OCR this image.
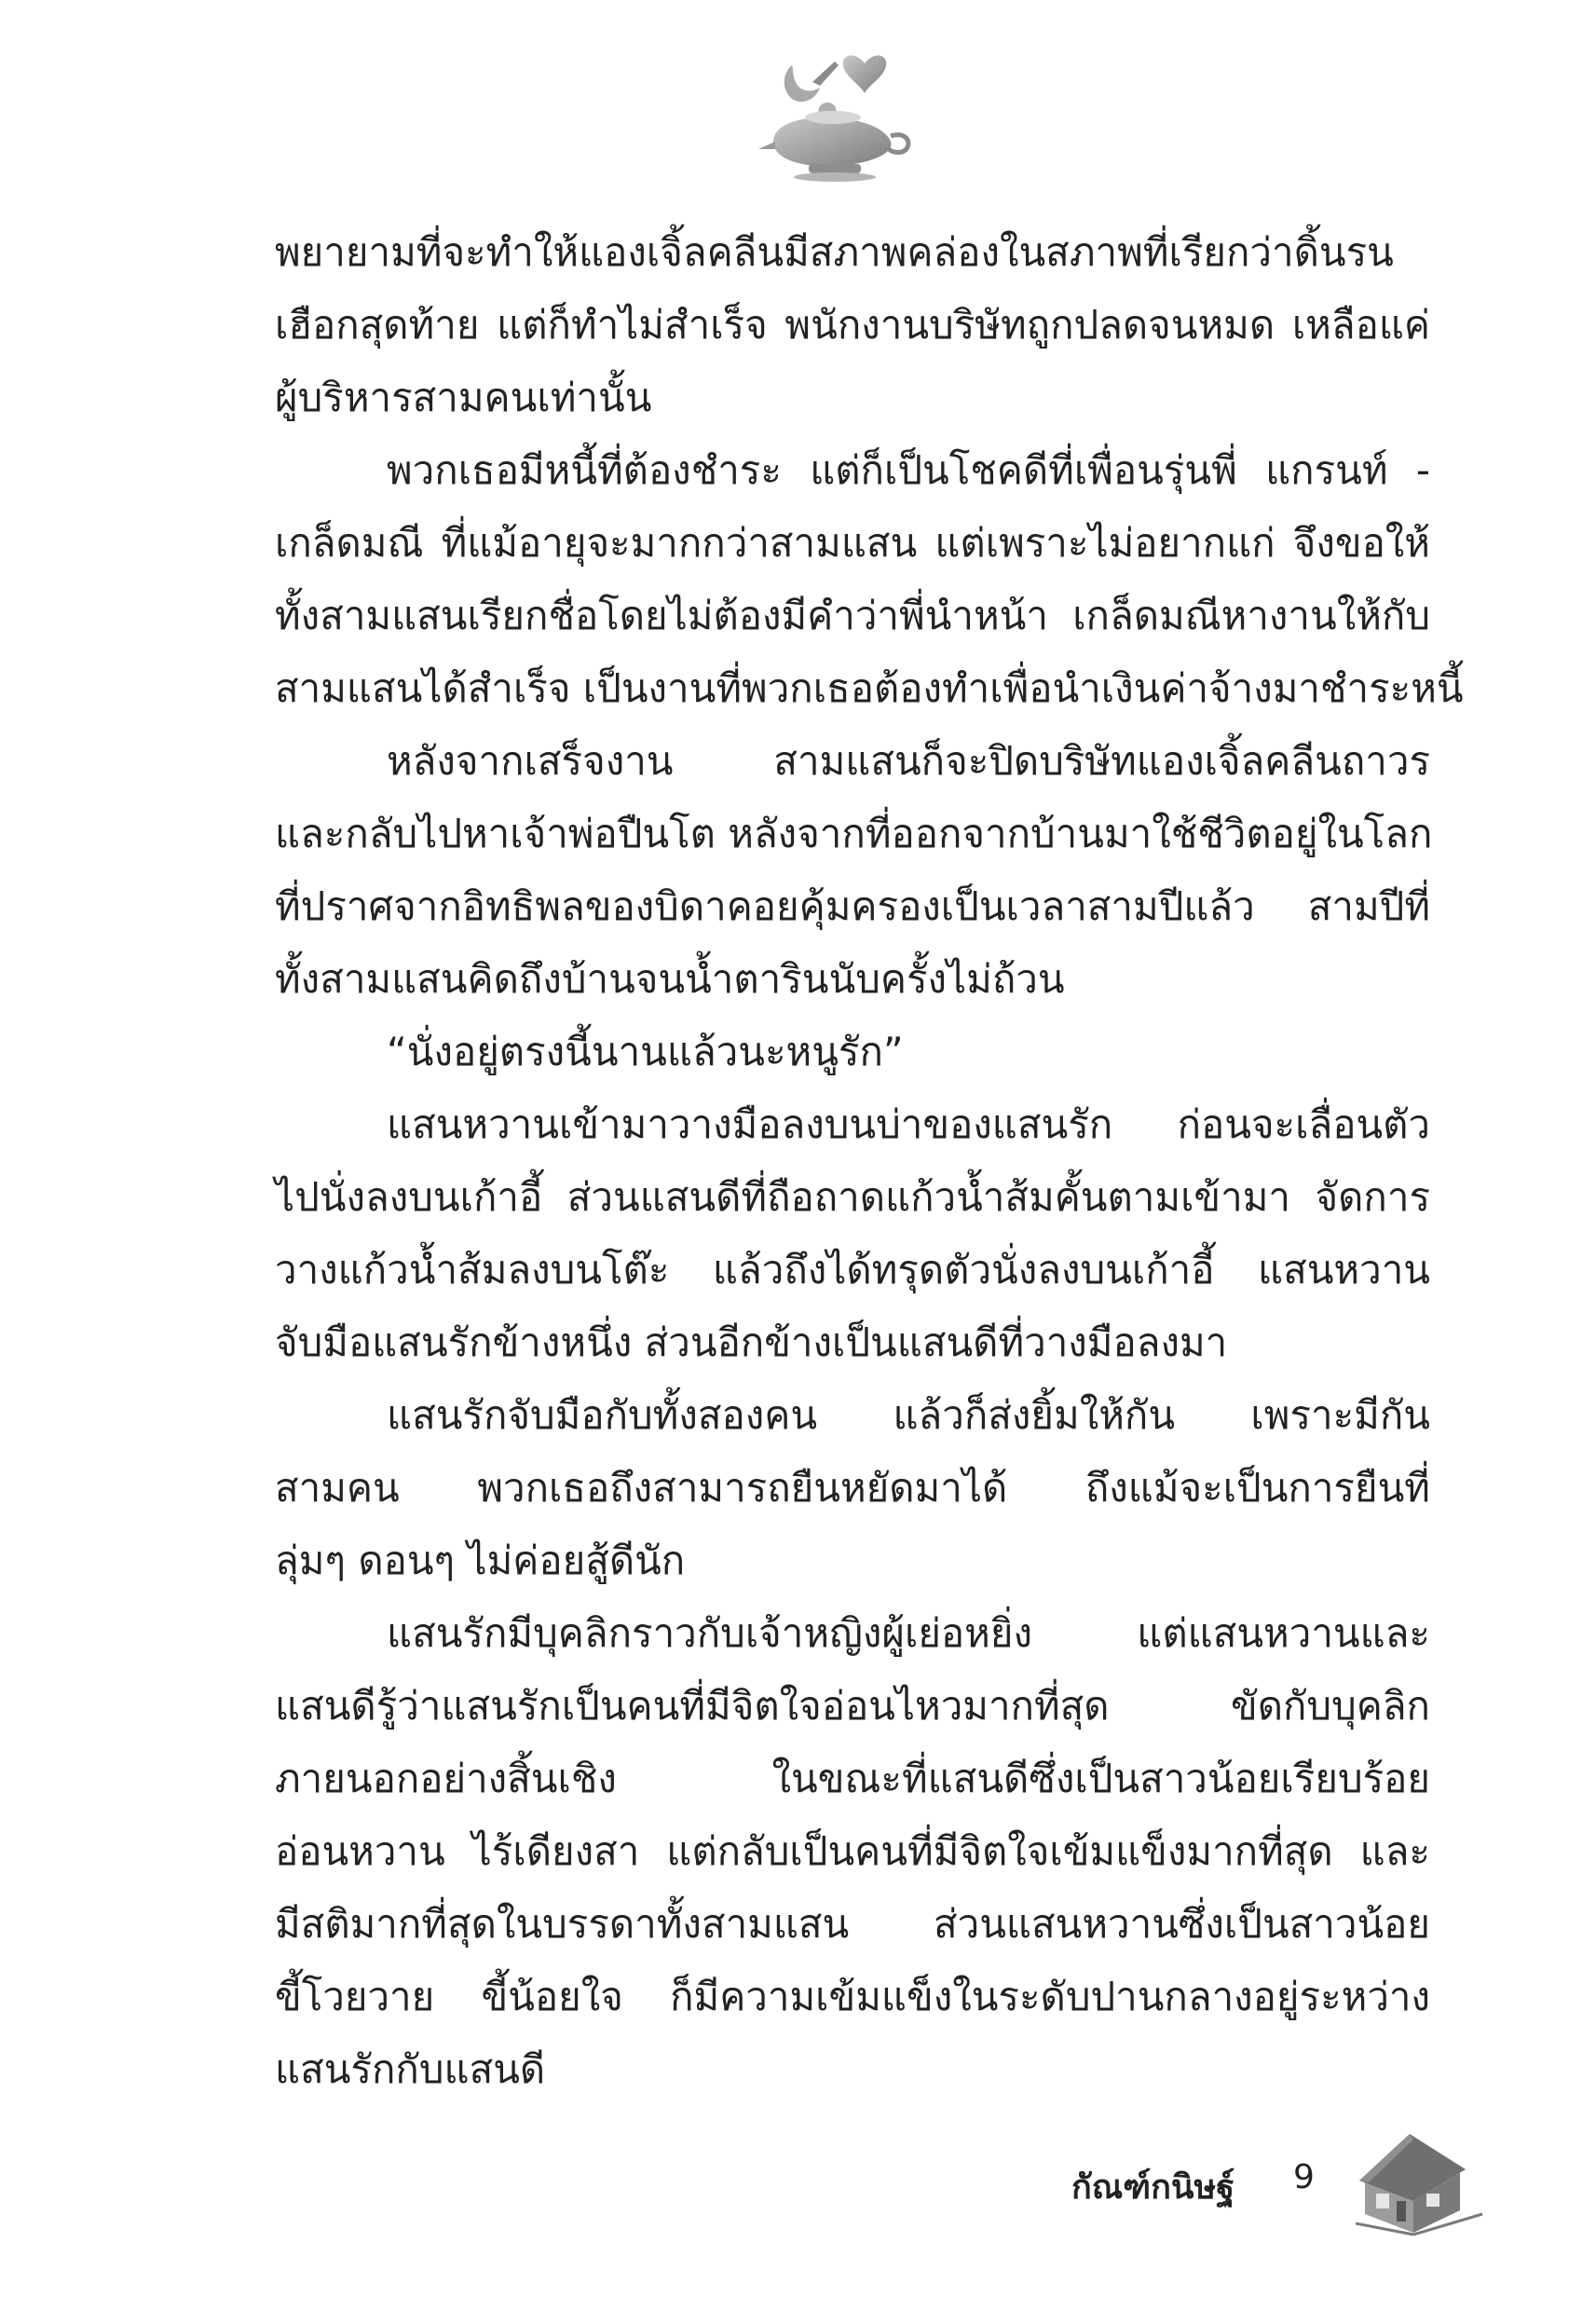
พยายามที่จะทำให้แองเจิ้ลคลีนมีสภาพคล่องในสภาพที่เรียกว่าดิ้นรน
เฮือกสุดท้าย แต่ก็ทำไม่สำเร็จ พนักงานบริษัทถูกปลดจนหมด เหลือแค่
ผู้บริหารสามคนเท่านั้น
พวกเธอมีหนี้ที่ต้องชำระ แต่ก็เป็นโชคดีที่เพื่อนรุ่นพี่ แกรนท์ -
เกล็ดมณี ที่แม้อายุจะมากกว่าสามแสน แต่เพราะไม่อยากแก่ จึงขอให้
ทั้งสามแสนเรียกชื่อโดยไม่ต้องมีคำว่าพี่นำหน้า เกล็ดมณีหางานให้กับ
สามแสนได้สำเร็จ เป็นงานที่พวกเธอต้องทำเพื่อนำเงินค่าจ้างมาชำระหนี้
หลังจากเสร็จงาน สามแสนก็จะปิดบริษัทแองเจิ้ลคลีนถาวร
และกลับไปหาเจ้าพ่อปืนโต หลังจากที่ออกจากบ้านมาใช้ชีวิตอยู่ในโลก
ที่ปราศจากอิทธิพลของบิดาคอยคุ้มครองเป็นเวลาสามปีแล้ว สามปีที่
ทั้งสามแสนคิดถึงบ้านจนน้ำตารินนับครั้งไม่ถ้วน
“นั่งอยู่ตรงนี้นานแล้วนะหนูรัก”
แสนหวานเข้ามาวางมือลงบนบ่าของแสนรัก ก่อนจะเลื่อนตัว
ไปนั่งลงบนเก้าอี้ ส่วนแสนดีที่ถือถาดแก้วน้ำส้มคั้นตามเข้ามา จัดการ
วางแก้วน้ำส้มลงบนโต๊ะ แล้วถึงได้ทรุดตัวนั่งลงบนเก้าอี้ แสนหวาน
จับมือแสนรักข้างหนึ่ง ส่วนอีกข้างเป็นแสนดีที่วางมือลงมา
แสนรักจับมือกับทั้งสองคน แล้วก็ส่งยิ้มให้กัน เพราะมีกัน
สามคน พวกเธอถึงสามารถยืนหยัดมาได้ ถึงแม้จะเป็นการยืนที่
ลุ่มๆ ดอนๆ ไม่ค่อยสู้ดีนัก
แสนรักมีบุคลิกราวกับเจ้าหญิงผู้เย่อหยิ่ง แต่แสนหวานและ
แสนดีรู้ว่าแสนรักเป็นคนที่มีจิตใจอ่อนไหวมากที่สุด ขัดกับบุคลิก
ภายนอกอย่างสิ้นเชิง ในขณะที่แสนดีซึ่งเป็นสาวน้อยเรียบร้อย
อ่อนหวาน ไร้เดียงสา แต่กลับเป็นคนที่มีจิตใจเข้มแข็งมากที่สุด และ
มีสติมากที่สุดในบรรดาทั้งสามแสน ส่วนแสนหวานซึ่งเป็นสาวน้อย
ขี้โวยวาย ขี้น้อยใจ ก็มีความเข้มแข็งในระดับปานกลางอยู่ระหว่าง
แสนรักกับแสนดี
กัณฑ์กนิษฐ์ 9
